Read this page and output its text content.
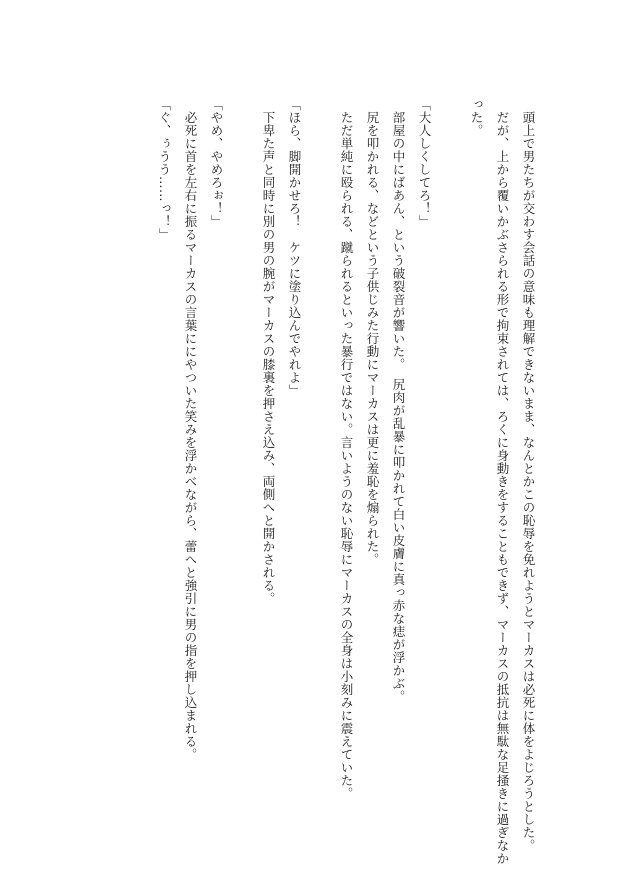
　頭上で男たちが交わす会話の意味も理解できないまま、なんとかこの恥辱を免れようとマーカスは必死に体をよじろうとした。
　だが、上から覆いかぶさられる形で拘束されては、ろくに身動きをすることもできず、マーカスの抵抗は無駄な足掻きに過ぎなか
った。

「大人しくしてろ！」
　部屋の中にばあん、という破裂音が響いた。　尻肉が乱暴に叩かれて白い皮膚に真っ赤な痣が浮かぶ。
　尻を叩かれる、などという子供じみた行動にマーカスは更に羞恥を煽られた。
　ただ単純に殴られる、蹴られるといった暴行ではない。言いようのない恥辱にマーカスの全身は小刻みに震えていた。

「ほら、脚開かせろ！　ケツに塗り込んでやれよ」
　下卑た声と同時に別の男の腕がマーカスの膝裏を押さえ込み、両側へと開かされる。

「やめ、やめろぉ！」
　必死に首を左右に振るマーカスの言葉ににやついた笑みを浮かべながら、蕾へと強引に男の指を押し込まれる。
「ぐ、ぅうう……っ！」
